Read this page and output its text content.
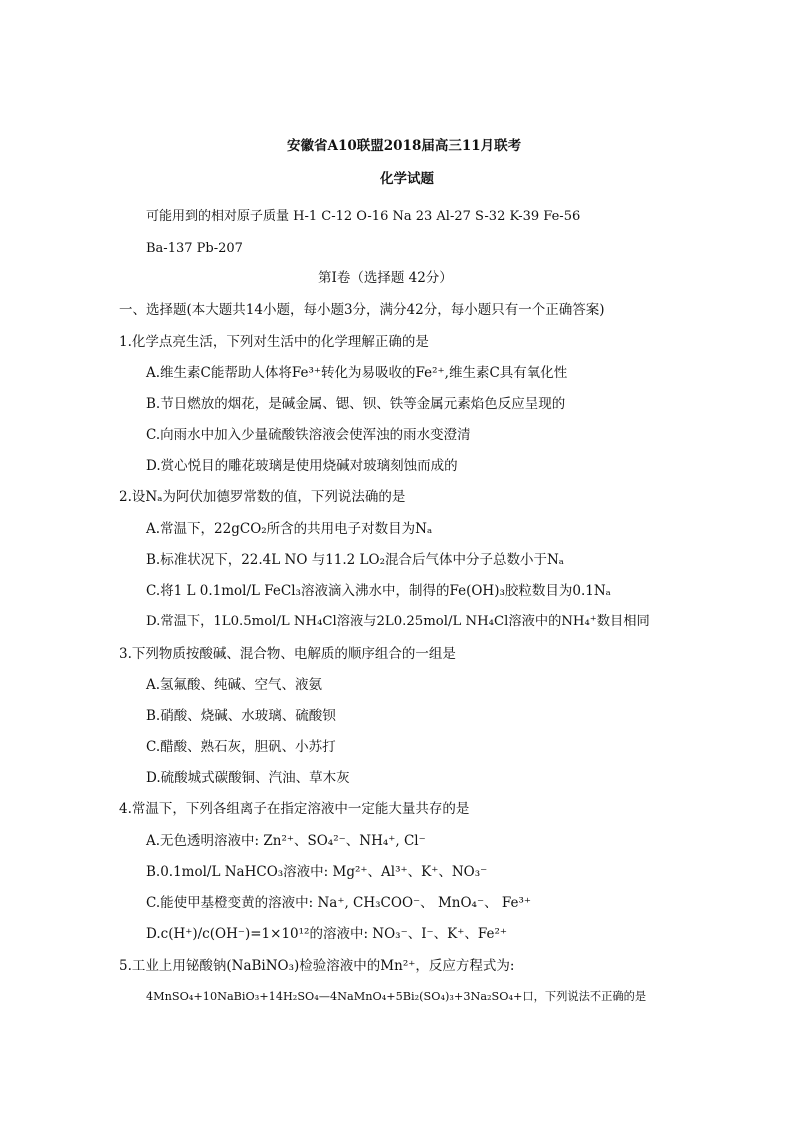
安徽省A10联盟2018届高三11月联考
化学试题
可能用到的相对原子质量 H-1 C-12 O-16 Na 23 Al-27 S-32 K-39 Fe-56
Ba-137 Pb-207
第Ⅰ卷（选择题 42分）
一、选择题(本大题共14小题，每小题3分，满分42分，每小题只有一个正确答案)
1.化学点亮生活，下列对生活中的化学理解正确的是
A.维生素C能帮助人体将Fe³⁺转化为易吸收的Fe²⁺,维生素C具有氧化性
B.节日燃放的烟花，是碱金属、锶、钡、铁等金属元素焰色反应呈现的
C.向雨水中加入少量硫酸铁溶液会使浑浊的雨水变澄清
D.赏心悦目的雕花玻璃是使用烧碱对玻璃刻蚀而成的
2.设Nₐ为阿伏加德罗常数的值，下列说法确的是
A.常温下，22gCO₂所含的共用电子对数目为Nₐ
B.标准状况下，22.4L NO 与11.2 LO₂混合后气体中分子总数小于Nₐ
C.将1 L 0.1mol/L FeCl₃溶液滴入沸水中，制得的Fe(OH)₃胶粒数目为0.1Nₐ
D.常温下，1L0.5mol/L NH₄Cl溶液与2L0.25mol/L NH₄Cl溶液中的NH₄⁺数目相同
3.下列物质按酸碱、混合物、电解质的顺序组合的一组是
A.氢氟酸、纯碱、空气、液氨
B.硝酸、烧碱、水玻璃、硫酸钡
C.醋酸、熟石灰，胆矾、小苏打
D.硫酸城式碳酸铜、汽油、草木灰
4.常温下，下列各组离子在指定溶液中一定能大量共存的是
A.无色透明溶液中: Zn²⁺、SO₄²⁻、NH₄⁺, Cl⁻
B.0.1mol/L NaHCO₃溶液中: Mg²⁺、Al³⁺、K⁺、NO₃⁻
C.能使甲基橙变黄的溶液中: Na⁺, CH₃COO⁻、 MnO₄⁻、 Fe³⁺
D.c(H⁺)/c(OH⁻)=1×10¹²的溶液中: NO₃⁻、I⁻、K⁺、Fe²⁺
5.工业上用铋酸钠(NaBiNO₃)检验溶液中的Mn²⁺，反应方程式为:
4MnSO₄+10NaBiO₃+14H₂SO₄—4NaMnO₄+5Bi₂(SO₄)₃+3Na₂SO₄+口，下列说法不正确的是
